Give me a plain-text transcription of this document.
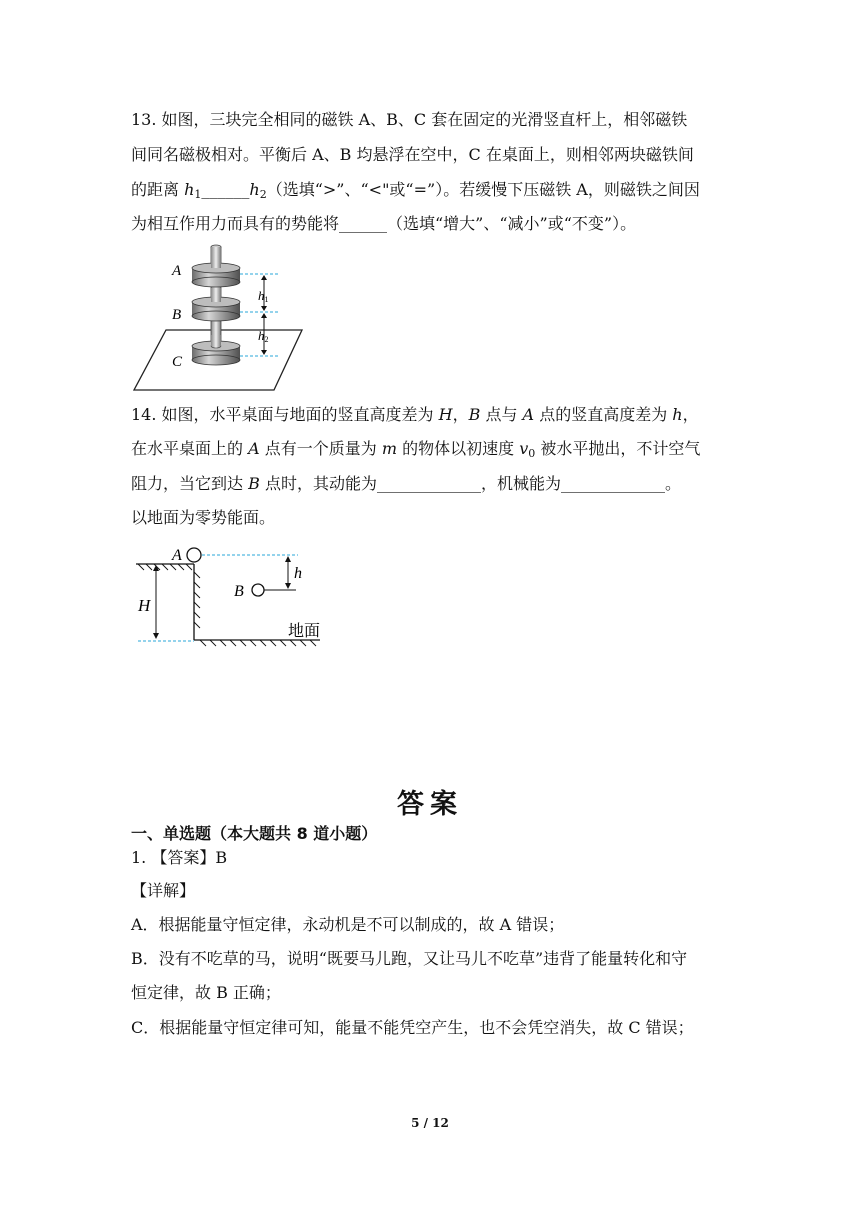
13. 如图，三块完全相同的磁铁 A、B、C 套在固定的光滑竖直杆上，相邻磁铁
间同名磁极相对。平衡后 A、B 均悬浮在空中，C 在桌面上，则相邻两块磁铁间
的距离 $h_1\_\_\_\_\_\_h_2$（选填“>”、“<"或“=”）。若缓慢下压磁铁 A，则磁铁之间因
为相互作用力而具有的势能将______（选填“增大”、“减小”或“不变”）。
A
B
C
h1
h2
14. 如图，水平桌面与地面的竖直高度差为 H，B 点与 A 点的竖直高度差为 h，
在水平桌面上的 A 点有一个质量为 m 的物体以初速度 $v_0$ 被水平抛出，不计空气
阻力，当它到达 B 点时，其动能为_____________，机械能为_____________。
以地面为零势能面。
A
B
H
h
地面
答案
一、单选题（本大题共 8 道小题）
1. 【答案】B
【详解】
A．根据能量守恒定律，永动机是不可以制成的，故 A 错误；
B．没有不吃草的马，说明“既要马儿跑，又让马儿不吃草”违背了能量转化和守
恒定律，故 B 正确；
C．根据能量守恒定律可知，能量不能凭空产生，也不会凭空消失，故 C 错误；
5 / 12
